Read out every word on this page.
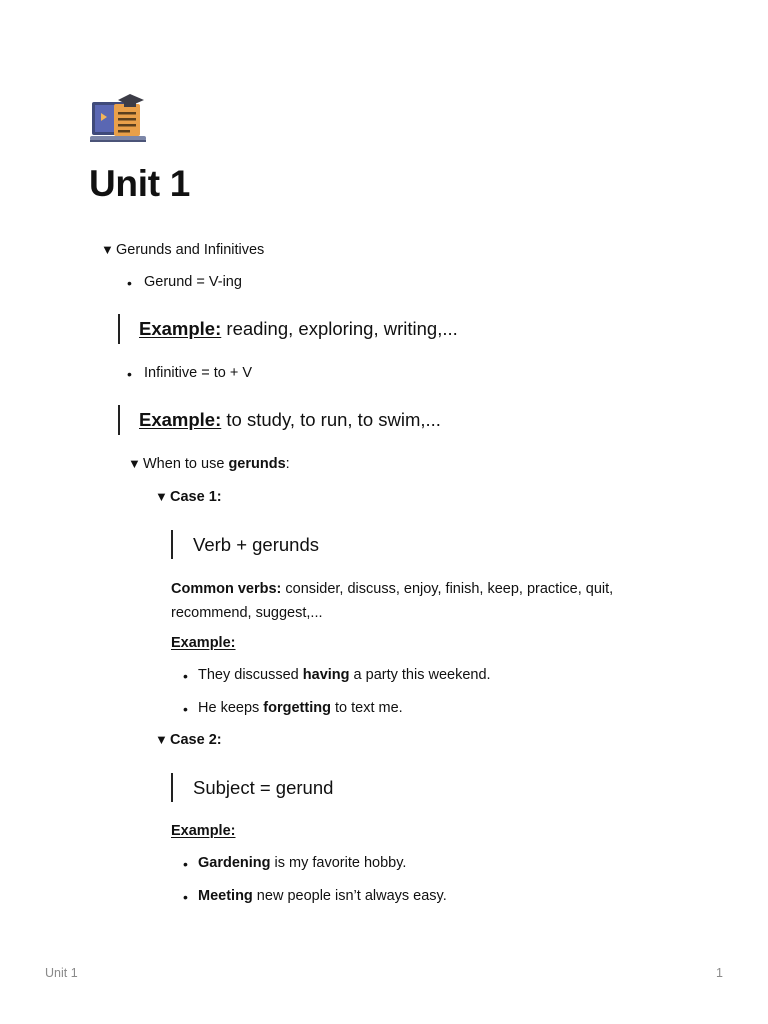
Unit 1
▼ Gerunds and Infinitives
• Gerund = V-ing
Example: reading, exploring, writing,...
• Infinitive = to + V
Example: to study, to run, to swim,...
▼ When to use gerunds:
▼ Case 1:
Verb + gerunds
Common verbs: consider, discuss, enjoy, finish, keep, practice, quit, recommend, suggest,...
Example:
• They discussed having a party this weekend.
• He keeps forgetting to text me.
▼ Case 2:
Subject = gerund
Example:
• Gardening is my favorite hobby.
• Meeting new people isn’t always easy.
Unit 1	1
